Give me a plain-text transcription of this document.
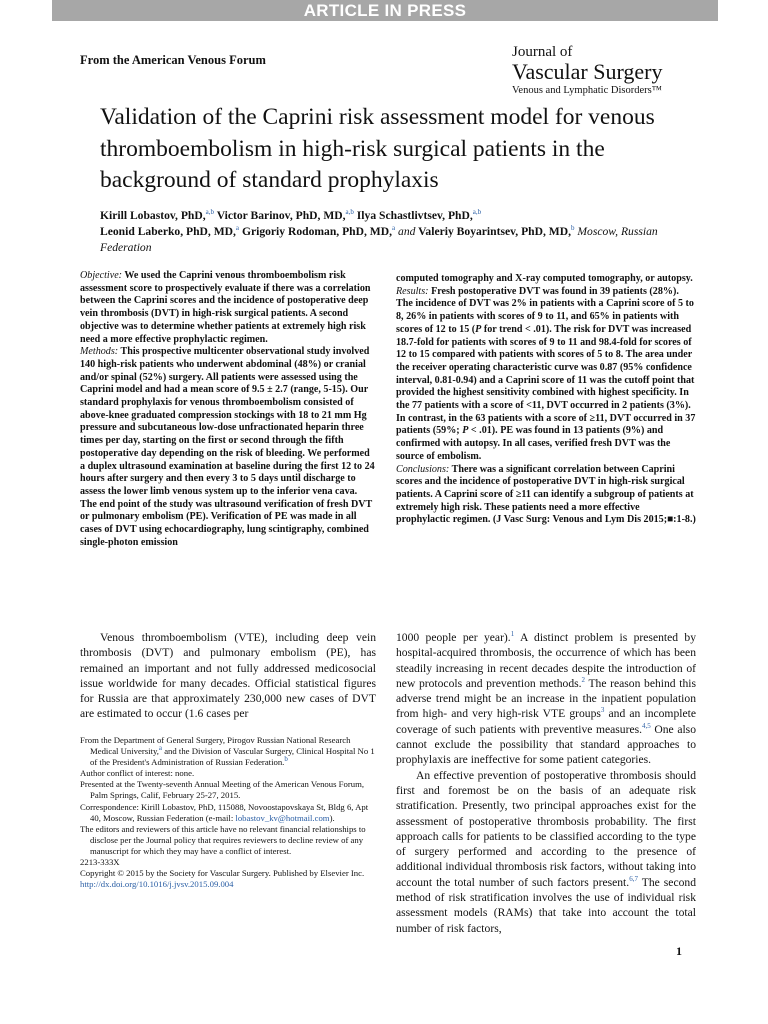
ARTICLE IN PRESS
From the American Venous Forum	Journal of
Vascular Surgery
Venous and Lymphatic Disorders™
Validation of the Caprini risk assessment model for venous thromboembolism in high-risk surgical patients in the background of standard prophylaxis
Kirill Lobastov, PhD,$^{a,b}$ Victor Barinov, PhD, MD,$^{a,b}$ Ilya Schastlivtsev, PhD,$^{a,b}$
Leonid Laberko, PhD, MD,$^a$ Grigoriy Rodoman, PhD, MD,$^a$ and Valeriy Boyarintsev, PhD, MD,$^b$ Moscow, Russian Federation
Objective: We used the Caprini venous thromboembolism risk assessment score to prospectively evaluate if there was a correlation between the Caprini scores and the incidence of postoperative deep vein thrombosis (DVT) in high-risk surgical patients. A second objective was to determine whether patients at extremely high risk need a more effective prophylactic regimen.
Methods: This prospective multicenter observational study involved 140 high-risk patients who underwent abdominal (48%) or cranial and/or spinal (52%) surgery. All patients were assessed using the Caprini model and had a mean score of 9.5 ± 2.7 (range, 5-15). Our standard prophylaxis for venous thromboembolism consisted of above-knee graduated compression stockings with 18 to 21 mm Hg pressure and subcutaneous low-dose unfractionated heparin three times per day, starting on the first or second through the fifth postoperative day depending on the risk of bleeding. We performed a duplex ultrasound examination at baseline during the first 12 to 24 hours after surgery and then every 3 to 5 days until discharge to assess the lower limb venous system up to the inferior vena cava. The end point of the study was ultrasound verification of fresh DVT or pulmonary embolism (PE). Verification of PE was made in all cases of DVT using echocardiography, lung scintigraphy, combined single-photon emission
computed tomography and X-ray computed tomography, or autopsy.
Results: Fresh postoperative DVT was found in 39 patients (28%). The incidence of DVT was 2% in patients with a Caprini score of 5 to 8, 26% in patients with scores of 9 to 11, and 65% in patients with scores of 12 to 15 (P for trend < .01). The risk for DVT was increased 18.7-fold for patients with scores of 9 to 11 and 98.4-fold for scores of 12 to 15 compared with patients with scores of 5 to 8. The area under the receiver operating characteristic curve was 0.87 (95% confidence interval, 0.81-0.94) and a Caprini score of 11 was the cutoff point that provided the highest sensitivity combined with highest specificity. In the 77 patients with a score of <11, DVT occurred in 2 patients (3%). In contrast, in the 63 patients with a score of ≥11, DVT occurred in 37 patients (59%; P < .01). PE was found in 13 patients (9%) and confirmed with autopsy. In all cases, verified fresh DVT was the source of embolism.
Conclusions: There was a significant correlation between Caprini scores and the incidence of postoperative DVT in high-risk surgical patients. A Caprini score of ≥11 can identify a subgroup of patients at extremely high risk. These patients need a more effective prophylactic regimen. (J Vasc Surg: Venous and Lym Dis 2015;■:1-8.)

Venous thromboembolism (VTE), including deep vein thrombosis (DVT) and pulmonary embolism (PE), has remained an important and not fully addressed medicosocial issue worldwide for many decades. Official statistical figures for Russia are that approximately 230,000 new cases of DVT are estimated to occur (1.6 cases per

1000 people per year).$^1$ A distinct problem is presented by hospital-acquired thrombosis, the occurrence of which has been steadily increasing in recent decades despite the introduction of new protocols and prevention methods.$^2$ The reason behind this adverse trend might be an increase in the inpatient population from high- and very high-risk VTE groups$^3$ and an incomplete coverage of such patients with preventive measures.$^{4,5}$ One also cannot exclude the possibility that standard approaches to prophylaxis are ineffective for some patient categories.

An effective prevention of postoperative thrombosis should first and foremost be on the basis of an adequate risk stratification. Presently, two principal approaches exist for the assessment of postoperative thrombosis probability. The first approach calls for patients to be classified according to the type of surgery performed and according to the presence of additional individual thrombosis risk factors, without taking into account the total number of such factors present.$^{6,7}$ The second method of risk stratification involves the use of individual risk assessment models (RAMs) that take into account the total number of risk factors,

From the Department of General Surgery, Pirogov Russian National Research Medical University,$^a$ and the Division of Vascular Surgery, Clinical Hospital No 1 of the President's Administration of Russian Federation.$^b$

Author conflict of interest: none.

Presented at the Twenty-seventh Annual Meeting of the American Venous Forum, Palm Springs, Calif, February 25-27, 2015.

Correspondence: Kirill Lobastov, PhD, 115088, Novoostapovskaya St, Bldg 6, Apt 40, Moscow, Russian Federation (e-mail: lobastov_kv@hotmail.com).

The editors and reviewers of this article have no relevant financial relationships to disclose per the Journal policy that requires reviewers to decline review of any manuscript for which they may have a conflict of interest.

2213-333X

Copyright © 2015 by the Society for Vascular Surgery. Published by Elsevier Inc.

http://dx.doi.org/10.1016/j.jvsv.2015.09.004

1
